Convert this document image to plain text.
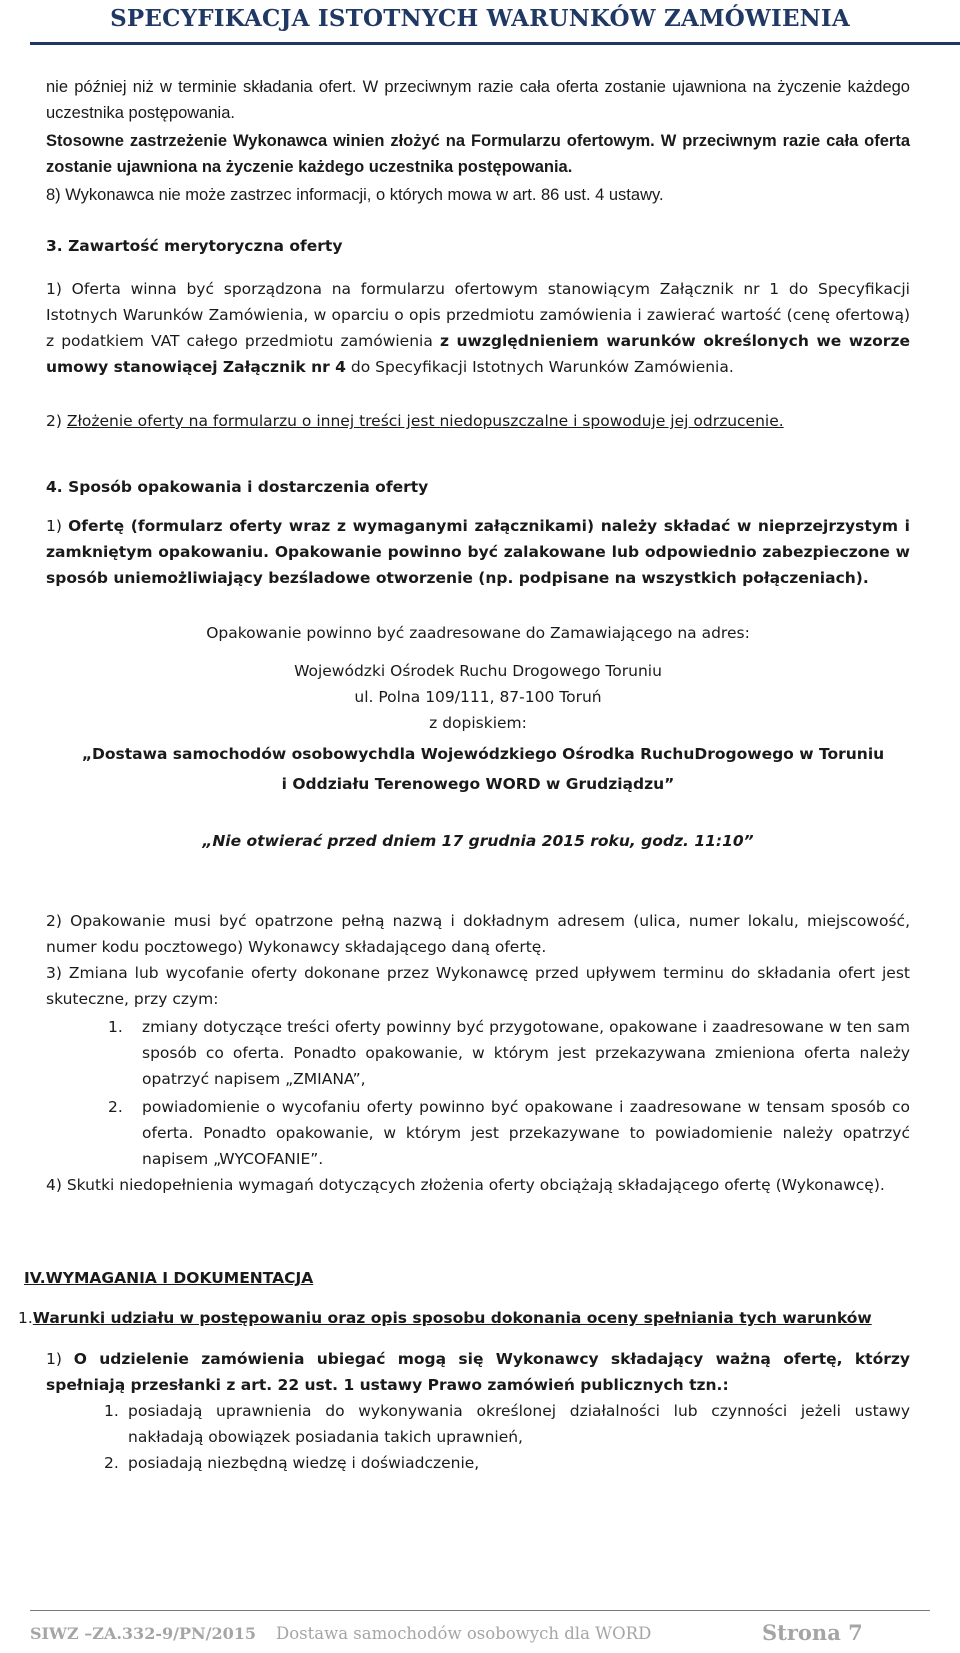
SPECYFIKACJA ISTOTNYCH WARUNKÓW ZAMÓWIENIA

nie później niż w terminie składania ofert. W przeciwnym razie cała oferta zostanie ujawniona na życzenie każdego uczestnika postępowania.

Stosowne zastrzeżenie Wykonawca winien złożyć na Formularzu ofertowym. W przeciwnym razie cała oferta zostanie ujawniona na życzenie każdego uczestnika postępowania.

8) Wykonawca nie może zastrzec informacji, o których mowa w art. 86 ust. 4 ustawy.

3. Zawartość merytoryczna oferty

1) Oferta winna być sporządzona na formularzu ofertowym stanowiącym Załącznik nr 1 do Specyfikacji Istotnych Warunków Zamówienia, w oparciu o opis przedmiotu zamówienia i zawierać wartość (cenę ofertową) z podatkiem VAT całego przedmiotu zamówienia z uwzględnieniem warunków określonych we wzorze umowy stanowiącej Załącznik nr 4 do Specyfikacji Istotnych Warunków Zamówienia.

2) Złożenie oferty na formularzu o innej treści jest niedopuszczalne i spowoduje jej odrzucenie.

4. Sposób opakowania i dostarczenia oferty

1) Ofertę (formularz oferty wraz z wymaganymi załącznikami) należy składać w nieprzejrzystym i zamkniętym opakowaniu. Opakowanie powinno być zalakowane lub odpowiednio zabezpieczone w sposób uniemożliwiający bezśladowe otworzenie (np. podpisane na wszystkich połączeniach).

Opakowanie powinno być zaadresowane do Zamawiającego na adres:

Wojewódzki Ośrodek Ruchu Drogowego Toruniu

ul. Polna 109/111, 87-100 Toruń

z dopiskiem:

„Dostawa samochodów osobowychdla Wojewódzkiego Ośrodka RuchuDrogowego w Toruniu

i Oddziału Terenowego WORD w Grudziądzu”

„Nie otwierać przed dniem 17 grudnia 2015 roku, godz. 11:10”

2) Opakowanie musi być opatrzone pełną nazwą i dokładnym adresem (ulica, numer lokalu, miejscowość, numer kodu pocztowego) Wykonawcy składającego daną ofertę.

3) Zmiana lub wycofanie oferty dokonane przez Wykonawcę przed upływem terminu do składania ofert jest skuteczne, przy czym:

1. zmiany dotyczące treści oferty powinny być przygotowane, opakowane i zaadresowane w ten sam sposób co oferta. Ponadto opakowanie, w którym jest przekazywana zmieniona oferta należy opatrzyć napisem „ZMIANA”,

2. powiadomienie o wycofaniu oferty powinno być opakowane i zaadresowane w tensam sposób co oferta. Ponadto opakowanie, w którym jest przekazywane to powiadomienie należy opatrzyć napisem „WYCOFANIE”.

4) Skutki niedopełnienia wymagań dotyczących złożenia oferty obciążają składającego ofertę (Wykonawcę).

IV.WYMAGANIA I DOKUMENTACJA

1.Warunki udziału w postępowaniu oraz opis sposobu dokonania oceny spełniania tych warunków

1) O udzielenie zamówienia ubiegać mogą się Wykonawcy składający ważną ofertę, którzy spełniają przesłanki z art. 22 ust. 1 ustawy Prawo zamówień publicznych tzn.:

1. posiadają uprawnienia do wykonywania określonej działalności lub czynności jeżeli ustawy nakładają obowiązek posiadania takich uprawnień,

2. posiadają niezbędną wiedzę i doświadczenie,

SIWZ –ZA.332-9/PN/2015 Dostawa samochodów osobowych dla WORD	Strona 7
